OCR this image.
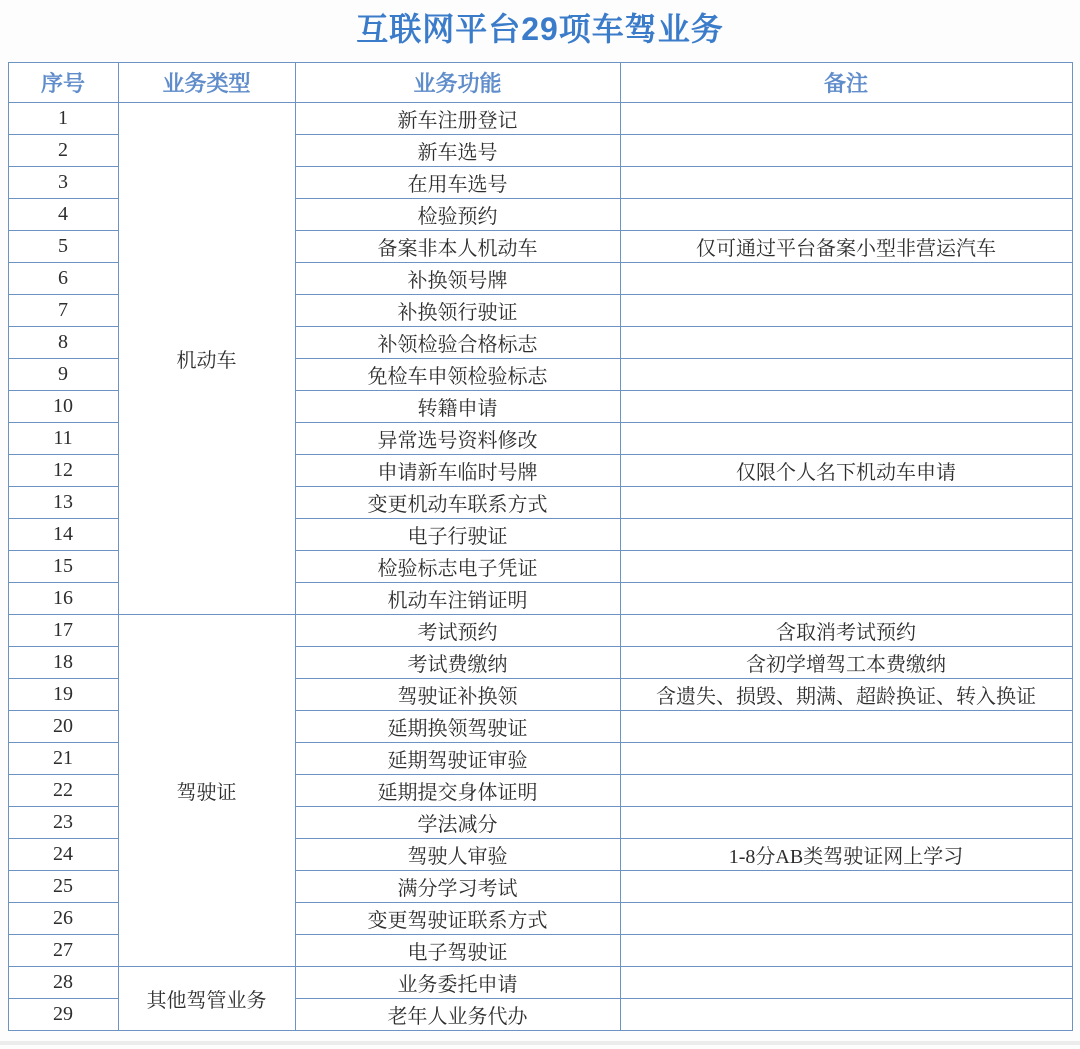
互联网平台29项车驾业务
序号	业务类型	业务功能	备注
1	机动车	新车注册登记	
2		新车选号	
3		在用车选号	
4		检验预约	
5		备案非本人机动车	仅可通过平台备案小型非营运汽车
6		补换领号牌	
7		补换领行驶证	
8		补领检验合格标志	
9		免检车申领检验标志	
10		转籍申请	
11		异常选号资料修改	
12		申请新车临时号牌	仅限个人名下机动车申请
13		变更机动车联系方式	
14		电子行驶证	
15		检验标志电子凭证	
16		机动车注销证明	
17	驾驶证	考试预约	含取消考试预约
18		考试费缴纳	含初学增驾工本费缴纳
19		驾驶证补换领	含遗失、损毁、期满、超龄换证、转入换证
20		延期换领驾驶证	
21		延期驾驶证审验	
22		延期提交身体证明	
23		学法减分	
24		驾驶人审验	1-8分AB类驾驶证网上学习
25		满分学习考试	
26		变更驾驶证联系方式	
27		电子驾驶证	
28	其他驾管业务	业务委托申请	
29		老年人业务代办	
